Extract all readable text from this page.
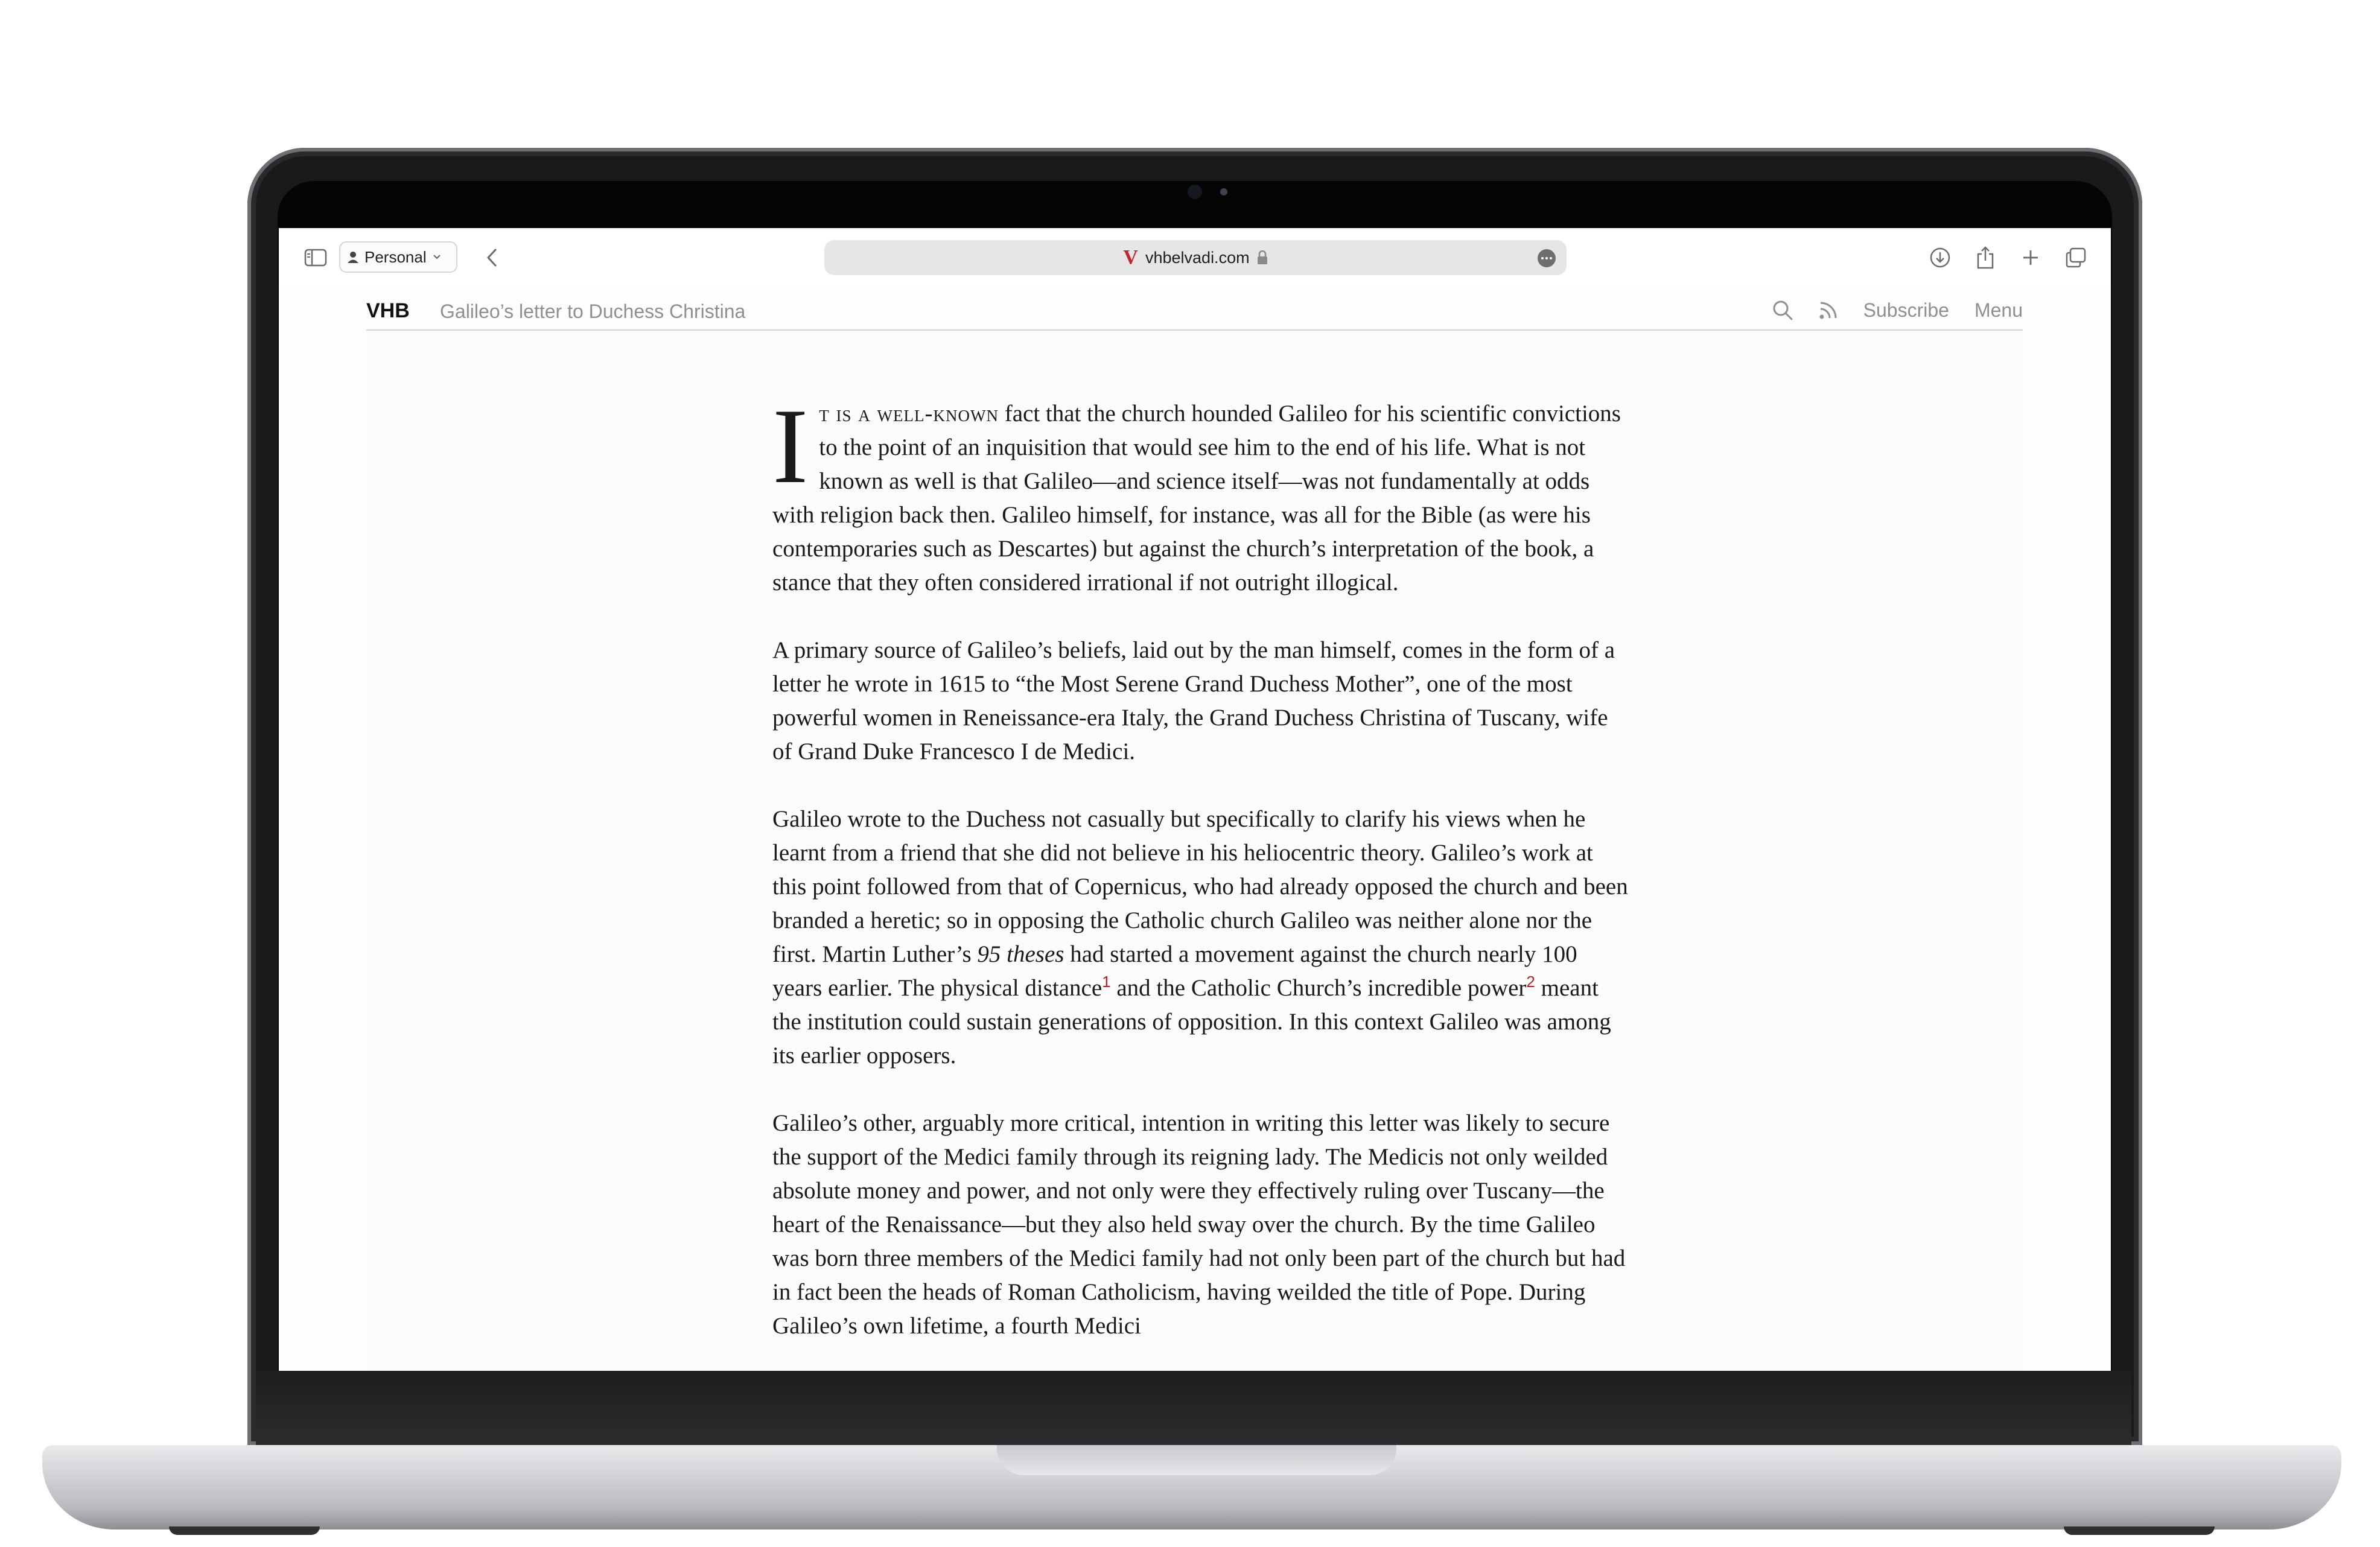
Personal	V vhbelvadi.com
VHB Galileo’s letter to Duchess Christina	Subscribe Menu

It is a well-known fact that the church hounded Galileo for his scientific convictions to the point of an inquisition that would see him to the end of his life. What is not known as well is that Galileo—and science itself—was not fundamentally at odds with religion back then. Galileo himself, for instance, was all for the Bible (as were his contemporaries such as Descartes) but against the church’s interpretation of the book, a stance that they often considered irrational if not outright illogical.

A primary source of Galileo’s beliefs, laid out by the man himself, comes in the form of a letter he wrote in 1615 to “the Most Serene Grand Duchess Mother”, one of the most powerful women in Reneissance-era Italy, the Grand Duchess Christina of Tuscany, wife of Grand Duke Francesco I de Medici.

Galileo wrote to the Duchess not casually but specifically to clarify his views when he learnt from a friend that she did not believe in his heliocentric theory. Galileo’s work at this point followed from that of Copernicus, who had already opposed the church and been branded a heretic; so in opposing the Catholic church Galileo was neither alone nor the first. Martin Luther’s 95 theses had started a movement against the church nearly 100 years earlier. The physical distance$^1$ and the Catholic Church’s incredible power$^2$ meant the institution could sustain generations of opposition. In this context Galileo was among its earlier opposers.

Galileo’s other, arguably more critical, intention in writing this letter was likely to secure the support of the Medici family through its reigning lady. The Medicis not only weilded absolute money and power, and not only were they effectively ruling over Tuscany—the heart of the Renaissance—but they also held sway over the church. By the time Galileo was born three members of the Medici family had not only been part of the church but had in fact been the heads of Roman Catholicism, having weilded the title of Pope. During Galileo’s own lifetime, a fourth Medici
